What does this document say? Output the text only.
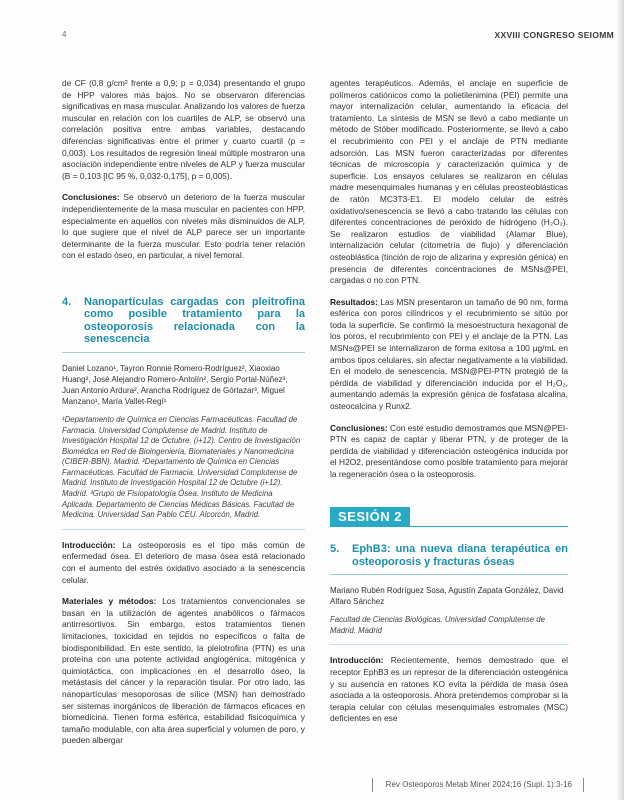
4	XXVIII CONGRESO SEIOMM

de CF (0,8 g/cm² frente a 0,9; p = 0,034) presentando el grupo de HPP valores más bajos. No se observaron diferencias significativas en masa muscular. Analizando los valores de fuerza muscular en relación con los cuartiles de ALP, se observó una correlación positiva entre ambas variables, destacando diferencias significativas entre el primer y cuarto cuartil (p = 0,003). Los resultados de regresión lineal múltiple mostraron una asociación independiente entre niveles de ALP y fuerza muscular (B = 0,103 [IC 95 %, 0,032-0,175], p = 0,005).

Conclusiones: Se observó un deterioro de la fuerza muscular independientemente de la masa muscular en pacientes con HPP, especialmente en aquellos con niveles más disminuidos de ALP, lo que sugiere que el nivel de ALP parece ser un importante determinante de la fuerza muscular. Esto podría tener relación con el estado óseo, en particular, a nivel femoral.

4.	Nanopartículas cargadas con pleitrofina como posible tratamiento para la osteoporosis relacionada con la senescencia
Daniel Lozano¹, Tayron Ronnie Romero-Rodríguez², Xiaoxiao Huang², José Alejandro Romero-Antolín², Sergio Portal-Núñez³, Juan Antonio Ardura², Arancha Rodríguez de Górtazar³, Miguel Manzano¹, María Vallet-Regí¹
¹Departamento de Química en Ciencias Farmacéuticas. Facultad de Farmacia. Universidad Complutense de Madrid. Instituto de Investigación Hospital 12 de Octubre. (i+12). Centro de Investigación Biomédica en Red de Bioingeniería, Biomateriales y Nanomedicina (CIBER-BBN). Madrid. ²Departamento de Química en Ciencias Farmacéuticas. Facultad de Farmacia. Universidad Complutense de Madrid. Instituto de Investigación Hospital 12 de Octubre (i+12). Madrid. ³Grupo de Fisiopatología Ósea. Instituto de Medicina Aplicada. Departamento de Ciencias Médicas Básicas. Facultad de Medicina. Universidad San Pablo CEU. Alcorcón, Madrid.

Introducción: La osteoporosis es el tipo más común de enfermedad ósea. El deterioro de masa ósea está relacionado con el aumento del estrés oxidativo asociado a la senescencia celular.

Materiales y métodos: Los tratamientos convencionales se basan en la utilización de agentes anabólicos o fármacos antirresortivos. Sin embargo, estos tratamientos tienen limitaciones, toxicidad en tejidos no específicos o falta de biodisponibilidad. En este sentido, la pleiotrofina (PTN) es una proteína con una potente actividad angiogénica, mitogénica y quimiotáctica, con implicaciones en el desarrollo óseo, la metástasis del cáncer y la reparación tisular. Por otro lado, las nanopartículas mesoporosas de sílice (MSN) han demostrado ser sistemas inorgánicos de liberación de fármacos eficaces en biomedicina. Tienen forma esférica, estabilidad fisicoquímica y tamaño modulable, con alta área superficial y volumen de poro, y pueden albergar

agentes terapéuticos. Además, el anclaje en superficie de polímeros catiónicos como la polietilenimina (PEI) permite una mayor internalización celular, aumentando la eficacia del tratamiento. La síntesis de MSN se llevó a cabo mediante un método de Stöber modificado. Posteriormente, se llevó a cabo el recubrimiento con PEI y el anclaje de PTN mediante adsorción. Las MSN fueron caracterizadas por diferentes técnicas de microscopía y caracterización química y de superficie. Los ensayos celulares se realizaron en células madre mesenquimales humanas y en células preosteoblásticas de ratón MC3T3-E1. El modelo celular de estrés oxidativo/senescencia se llevó a cabo tratando las células con diferentes concentraciones de peróxido de hidrógeno (H₂O₂). Se realizaron estudios de viabilidad (Alamar Blue), internalización celular (citometría de flujo) y diferenciación osteoblástica (tinción de rojo de alizarina y expresión génica) en presencia de diferentes concentraciones de MSNs@PEI, cargadas o no con PTN.

Resultados: Las MSN presentaron un tamaño de 90 nm, forma esférica con poros cilíndricos y el recubrimiento se sitúo por toda la superficie. Se confirmó la mesoestructura hexagonal de los poros, el recubrimiento con PEI y el anclaje de la PTN. Las MSNs@PEI se internalizaron de forma exitosa a 100 µg/mL en ambos tipos celulares, sin afectar negativamente a la viabilidad. En el modelo de senescencia, MSN@PEI-PTN protegió de la pérdida de viabilidad y diferenciación inducida por el H₂O₂, aumentando además la expresión génica de fosfatasa alcalina, osteocalcina y Runx2.

Conclusiones: Con este estudio demostramos que MSN@PEI-PTN es capaz de captar y liberar PTN, y de proteger de la perdida de viabilidad y diferenciación osteogénica inducida por el H2O2, presentándose como posible tratamiento para mejorar la regeneración ósea o la osteoporosis.

SESIÓN 2
5.	EphB3: una nueva diana terapéutica en osteoporosis y fracturas óseas
Mariano Rubén Rodríguez Sosa, Agustín Zapata González, David Alfaro Sánchez
Facultad de Ciencias Biológicas. Universidad Complutense de Madrid. Madrid

Introducción: Recientemente, hemos demostrado que el receptor EphB3 es un represor de la diferenciación osteogénica y su ausencia en ratones KO evita la pérdida de masa ósea asociada a la osteoporosis. Ahora pretendemos comprobar si la terapia celular con células mesenquimales estromales (MSC) deficientes en ese

Rev Osteoporos Metab Miner 2024;16 (Supl. 1):3-16
